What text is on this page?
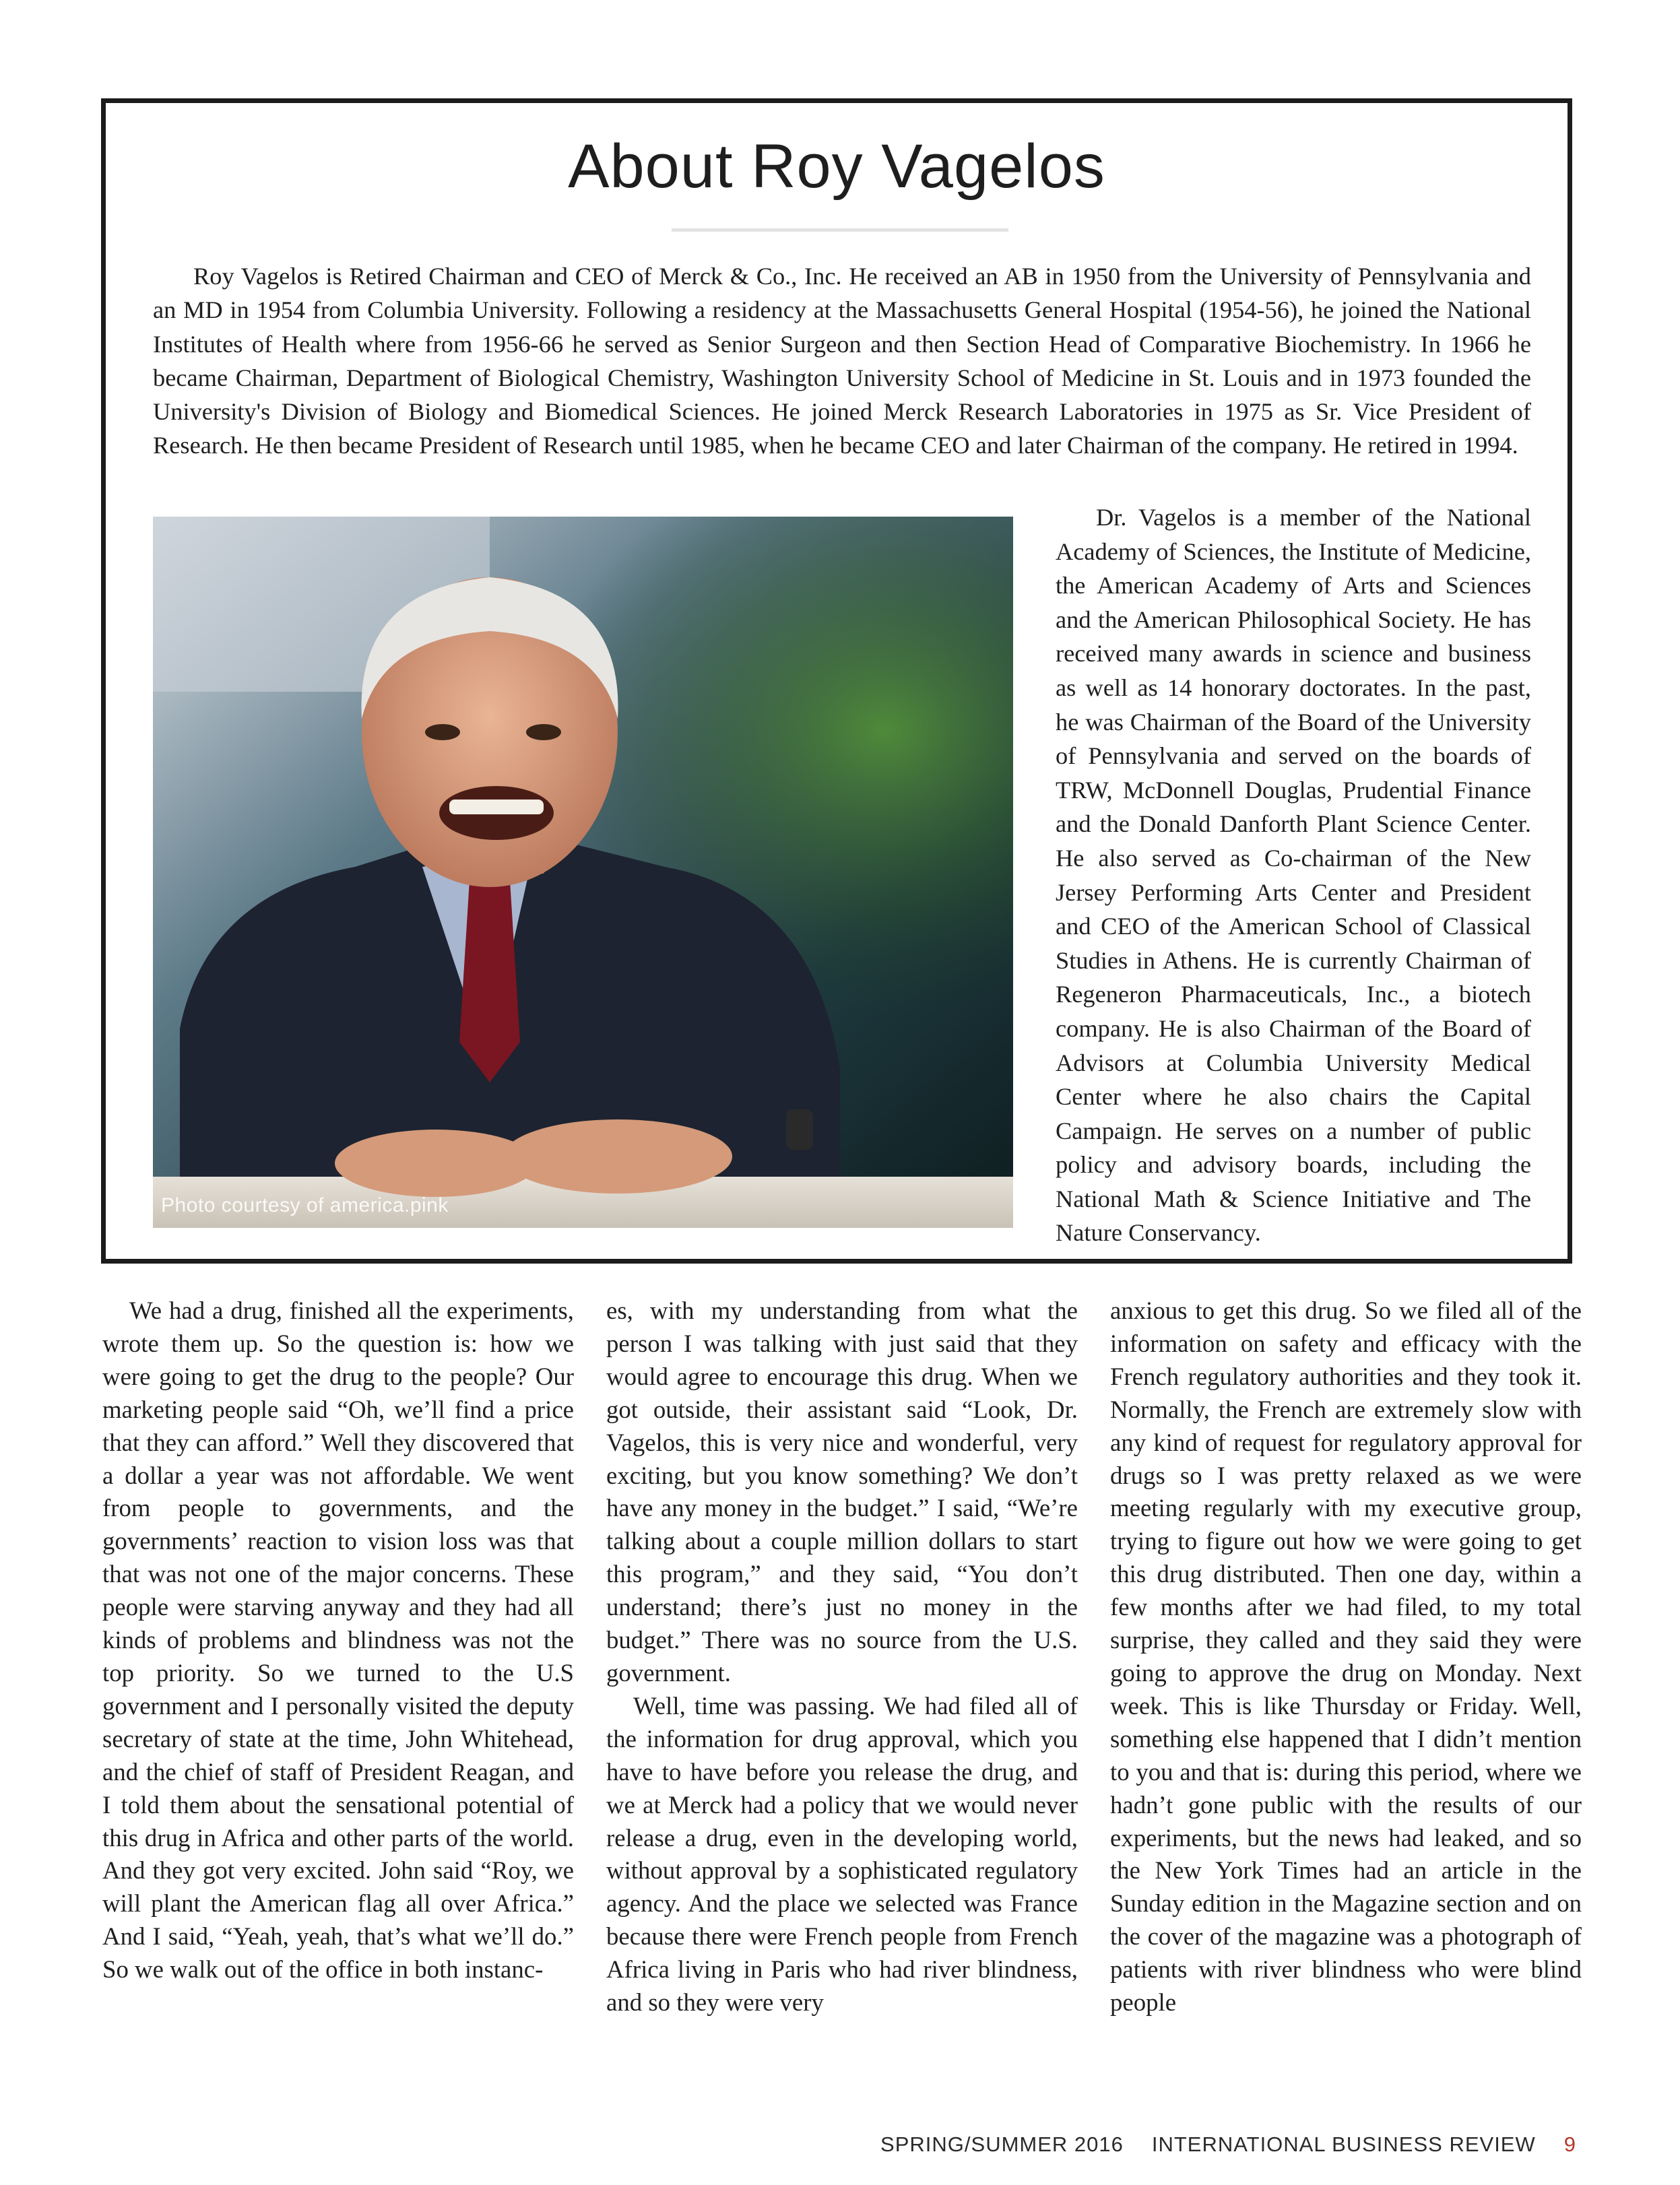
About Roy Vagelos

Roy Vagelos is Retired Chairman and CEO of Merck & Co., Inc. He received an AB in 1950 from the University of Pennsylvania and an MD in 1954 from Columbia University. Following a residency at the Massachusetts General Hospital (1954-56), he joined the National Institutes of Health where from 1956-66 he served as Senior Surgeon and then Section Head of Comparative Biochemistry. In 1966 he became Chairman, Department of Biological Chemistry, Washington University School of Medicine in St. Louis and in 1973 founded the University's Division of Biology and Biomedical Sciences. He joined Merck Research Laboratories in 1975 as Sr. Vice President of Research. He then became President of Research until 1985, when he became CEO and later Chairman of the company. He retired in 1994.

Photo courtesy of america.pink

Dr. Vagelos is a member of the National Academy of Sciences, the Institute of Medicine, the American Academy of Arts and Sciences and the American Philosophical Society. He has received many awards in science and business as well as 14 honorary doctorates. In the past, he was Chairman of the Board of the University of Pennsylvania and served on the boards of TRW, McDonnell Douglas, Prudential Finance and the Donald Danforth Plant Science Center. He also served as Co-chairman of the New Jersey Performing Arts Center and President and CEO of the American School of Classical Studies in Athens. He is currently Chairman of Regeneron Pharmaceuticals, Inc., a biotech company. He is also Chairman of the Board of Advisors at Columbia University Medical Center where he also chairs the Capital Campaign. He serves on a number of public policy and advisory boards, including the National Math & Science Initiative and The Nature Conservancy.

We had a drug, finished all the experiments, wrote them up. So the question is: how we were going to get the drug to the people? Our marketing people said “Oh, we’ll find a price that they can afford.” Well they discovered that a dollar a year was not affordable. We went from people to governments, and the governments’ reaction to vision loss was that that was not one of the major concerns. These people were starving anyway and they had all kinds of problems and blindness was not the top priority. So we turned to the U.S government and I personally visited the deputy secretary of state at the time, John Whitehead, and the chief of staff of President Reagan, and I told them about the sensational potential of this drug in Africa and other parts of the world. And they got very excited. John said “Roy, we will plant the American flag all over Africa.” And I said, “Yeah, yeah, that’s what we’ll do.” So we walk out of the office in both instanc-

es, with my understanding from what the person I was talking with just said that they would agree to encourage this drug. When we got outside, their assistant said “Look, Dr. Vagelos, this is very nice and wonderful, very exciting, but you know something? We don’t have any money in the budget.” I said, “We’re talking about a couple million dollars to start this program,” and they said, “You don’t understand; there’s just no money in the budget.” There was no source from the U.S. government.

Well, time was passing. We had filed all of the information for drug approval, which you have to have before you release the drug, and we at Merck had a policy that we would never release a drug, even in the developing world, without approval by a sophisticated regulatory agency. And the place we selected was France because there were French people from French Africa living in Paris who had river blindness, and so they were very

anxious to get this drug. So we filed all of the information on safety and efficacy with the French regulatory authorities and they took it. Normally, the French are extremely slow with any kind of request for regulatory approval for drugs so I was pretty relaxed as we were meeting regularly with my executive group, trying to figure out how we were going to get this drug distributed. Then one day, within a few months after we had filed, to my total surprise, they called and they said they were going to approve the drug on Monday. Next week. This is like Thursday or Friday. Well, something else happened that I didn’t mention to you and that is: during this period, where we hadn’t gone public with the results of our experiments, but the news had leaked, and so the New York Times had an article in the Sunday edition in the Magazine section and on the cover of the magazine was a photograph of patients with river blindness who were blind people

SPRING/SUMMER 2016 INTERNATIONAL BUSINESS REVIEW 9
